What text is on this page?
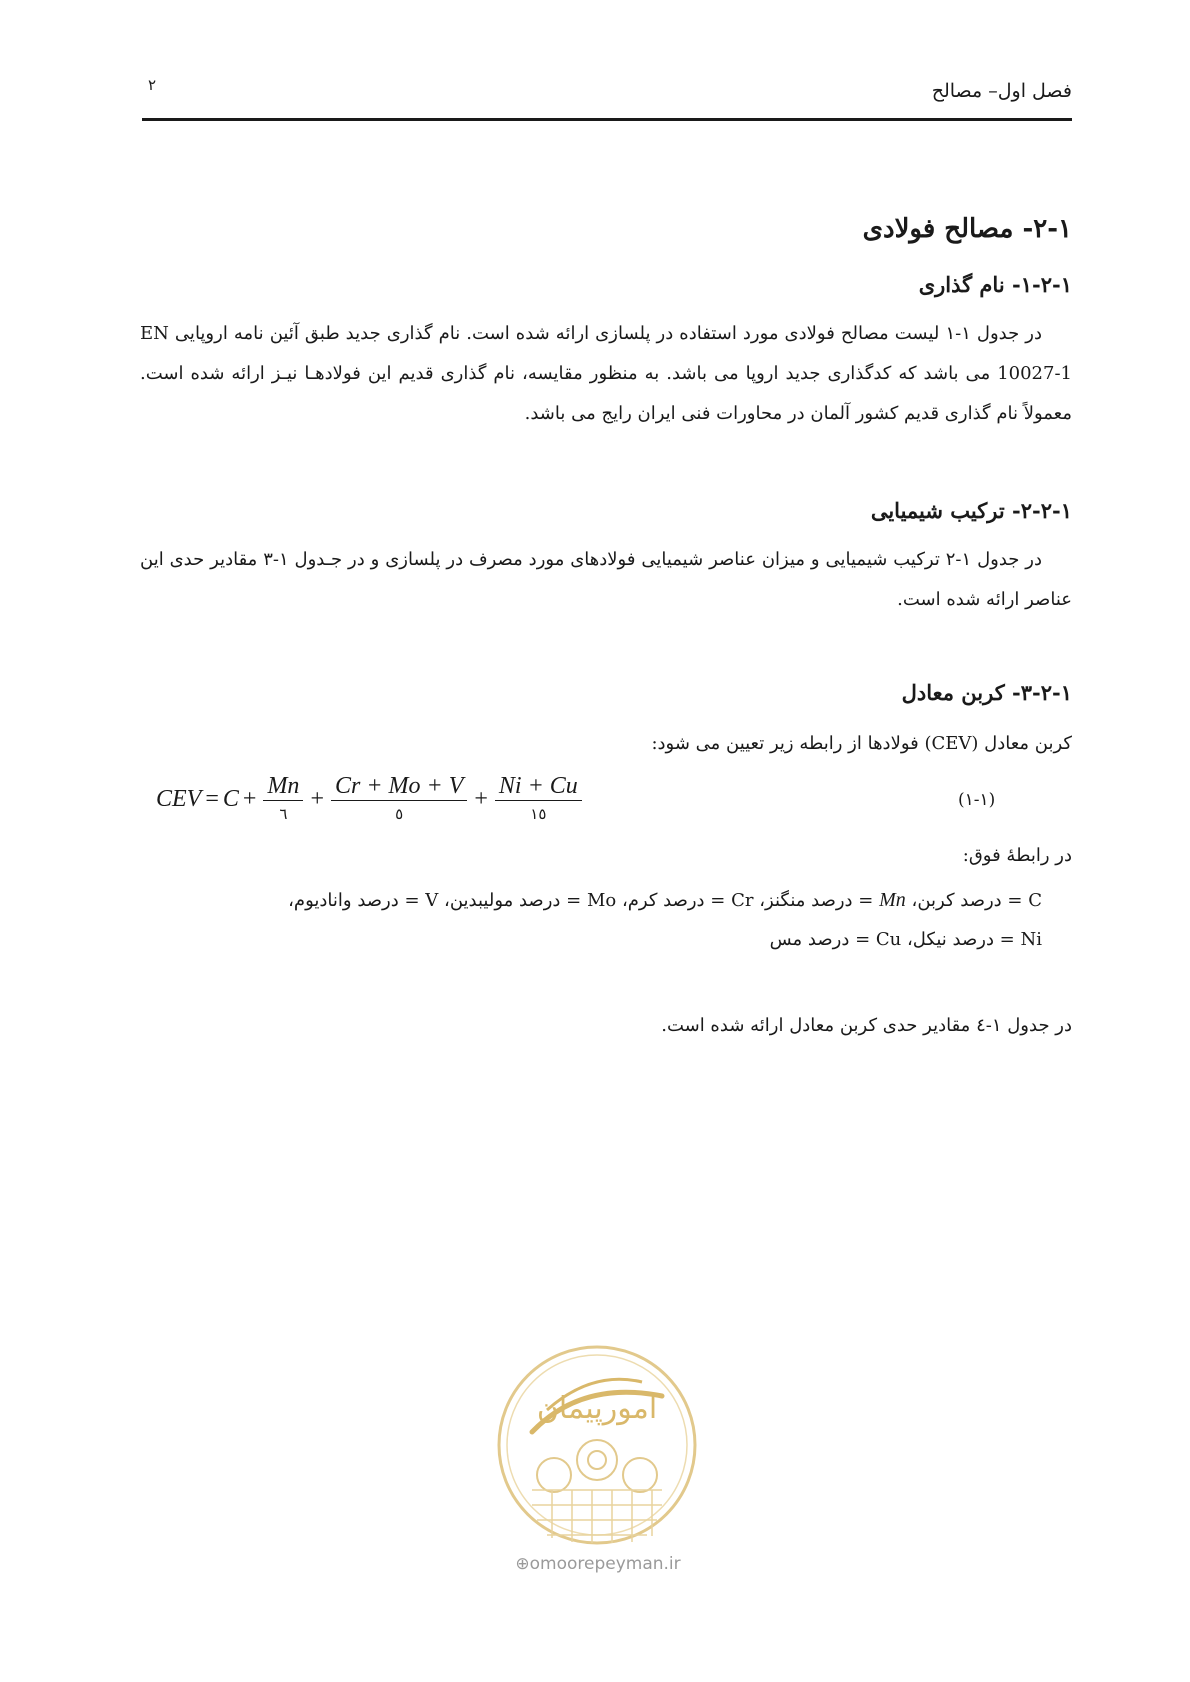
فصل اول– مصالح
٢
١-٢- مصالح فولادی
١-٢-١- نام گذاری

در جدول ١-١ لیست مصالح فولادی مورد استفاده در پلسازی ارائه شده است. نام گذاری جدید طبق آئین نامه اروپایی EN 10027-1 می باشد که کدگذاری جدید اروپا می باشد. به منظور مقایسه، نام گذاری قدیم این فولادهـا نیـز ارائه شده است. معمولاً نام گذاری قدیم کشور آلمان در محاورات فنی ایران رایج می باشد.

١-٢-٢- ترکیب شیمیایی

در جدول ١-٢ ترکیب شیمیایی و میزان عناصر شیمیایی فولادهای مورد مصرف در پلسازی و در جـدول ١-٣ مقادیر حدی این عناصر ارائه شده است.

١-٢-٣- کربن معادل
کربن معادل (CEV) فولادها از رابطه زیر تعیین می شود:
CEV = $C + \frac{Mn}{٦} + \frac{Cr + Mo + V}{٥} + \frac{Ni + Cu}{١٥}$	(١-١)
در رابطهٔ فوق:
C = درصد کربن، Mn = درصد منگنز، Cr = درصد کرم، Mo = درصد مولیبدین، V = درصد وانادیوم،
Ni = درصد نیکل، Cu = درصد مس
در جدول ١-٤ مقادیر حدی کربن معادل ارائه شده است.
امورپیمان
⊕omoorepeyman.ir
